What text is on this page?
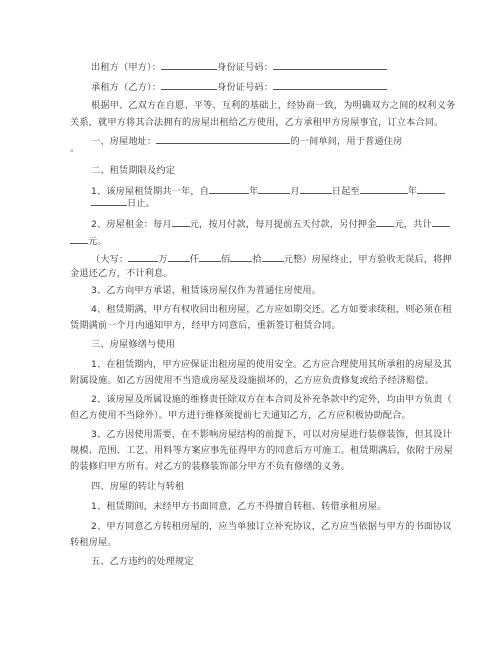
出租方（甲方）：	身份证号码：
承租方（乙方）：	身份证号码：
根据甲、乙双方在自愿、平等、互利的基础上，经协商一致，为明确双方之间的权利义务
关系，就甲方将其合法拥有的房屋出租给乙方使用，乙方承租甲方房屋事宜，订立本合同。
一、房屋地址：	的一间单间，用于普通住房
。
二、租赁期限及约定
1、该房屋租赁期共一年，自	年	月	日起至	年
日止。
2、房屋租金：每月 元，按月付款，每月提前五天付款，另付押金 元，共计
元。
（大写：	万 仟 佰 拾 元整）房屋终止，甲方验收无误后，将押
金退还乙方，不计利息。
3、乙方向甲方承诺，租赁该房屋仅作为普通住房使用。
4、租赁期满，甲方有权收回出租房屋，乙方应如期交还。乙方如要求续租，则必须在租
赁期满前一个月内通知甲方，经甲方同意后，重新签订租赁合同。
三、房屋修缮与使用
1、在租赁期内，甲方应保证出租房屋的使用安全。乙方应合理使用其所承租的房屋及其
附属设施。如乙方因使用不当造成房屋及设施损坏的，乙方应负责修复或给予经济赔偿。
2、该房屋及所属设施的维修责任除双方在本合同及补充条款中约定外，均由甲方负责（
但乙方使用不当除外）。甲方进行维修须提前七天通知乙方，乙方应积极协助配合。
3、乙方因使用需要，在不影响房屋结构的前提下，可以对房屋进行装修装饰，但其设计
规模、范围、工艺、用料等方案应事先征得甲方的同意后方可施工。租赁期满后，依附于房屋
的装修归甲方所有。对乙方的装修装饰部分甲方不负有修缮的义务。
四、房屋的转让与转租
1、租赁期间，未经甲方书面同意，乙方不得擅自转租、转借承租房屋。
2、甲方同意乙方转租房屋的，应当单独订立补充协议，乙方应当依据与甲方的书面协议
转租房屋。
五、乙方违约的处理规定
